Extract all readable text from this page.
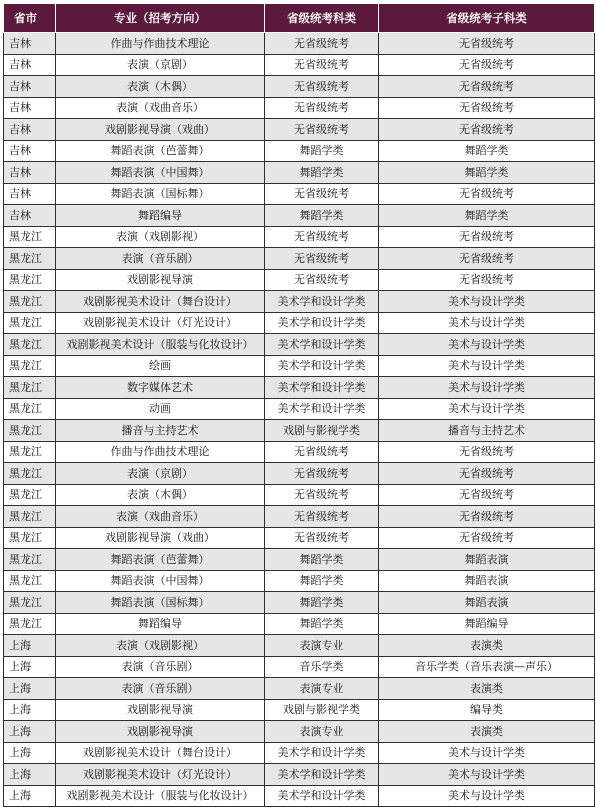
省市	专业（招考方向）	省级统考科类	省级统考子科类
吉林	作曲与作曲技术理论	无省级统考	无省级统考
吉林	表演（京剧）	无省级统考	无省级统考
吉林	表演（木偶）	无省级统考	无省级统考
吉林	表演（戏曲音乐）	无省级统考	无省级统考
吉林	戏剧影视导演（戏曲）	无省级统考	无省级统考
吉林	舞蹈表演（芭蕾舞）	舞蹈学类	舞蹈学类
吉林	舞蹈表演（中国舞）	舞蹈学类	舞蹈学类
吉林	舞蹈表演（国标舞）	无省级统考	无省级统考
吉林	舞蹈编导	舞蹈学类	舞蹈学类
黑龙江	表演（戏剧影视）	无省级统考	无省级统考
黑龙江	表演（音乐剧）	无省级统考	无省级统考
黑龙江	戏剧影视导演	无省级统考	无省级统考
黑龙江	戏剧影视美术设计（舞台设计）	美术学和设计学类	美术与设计学类
黑龙江	戏剧影视美术设计（灯光设计）	美术学和设计学类	美术与设计学类
黑龙江	戏剧影视美术设计（服装与化妆设计）	美术学和设计学类	美术与设计学类
黑龙江	绘画	美术学和设计学类	美术与设计学类
黑龙江	数字媒体艺术	美术学和设计学类	美术与设计学类
黑龙江	动画	美术学和设计学类	美术与设计学类
黑龙江	播音与主持艺术	戏剧与影视学类	播音与主持艺术
黑龙江	作曲与作曲技术理论	无省级统考	无省级统考
黑龙江	表演（京剧）	无省级统考	无省级统考
黑龙江	表演（木偶）	无省级统考	无省级统考
黑龙江	表演（戏曲音乐）	无省级统考	无省级统考
黑龙江	戏剧影视导演（戏曲）	无省级统考	无省级统考
黑龙江	舞蹈表演（芭蕾舞）	舞蹈学类	舞蹈表演
黑龙江	舞蹈表演（中国舞）	舞蹈学类	舞蹈表演
黑龙江	舞蹈表演（国标舞）	舞蹈学类	舞蹈表演
黑龙江	舞蹈编导	舞蹈学类	舞蹈编导
上海	表演（戏剧影视）	表演专业	表演类
上海	表演（音乐剧）	音乐学类	音乐学类（音乐表演—声乐）
上海	表演（音乐剧）	表演专业	表演类
上海	戏剧影视导演	戏剧与影视学类	编导类
上海	戏剧影视导演	表演专业	表演类
上海	戏剧影视美术设计（舞台设计）	美术学和设计学类	美术与设计学类
上海	戏剧影视美术设计（灯光设计）	美术学和设计学类	美术与设计学类
上海	戏剧影视美术设计（服装与化妆设计）	美术学和设计学类	美术与设计学类
